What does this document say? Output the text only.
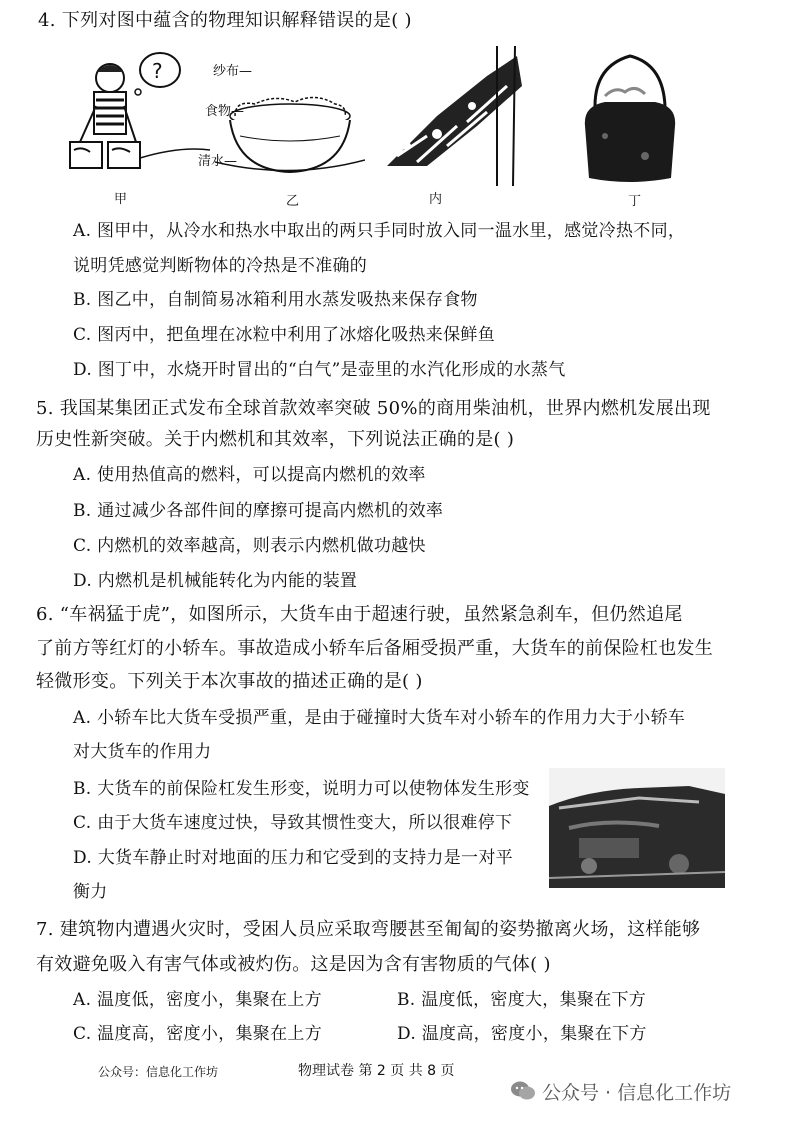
4. 下列对图中蕴含的物理知识解释错误的是( )
?
甲
纱布—
食物—
清水—
乙	内	丁
A. 图甲中，从冷水和热水中取出的两只手同时放入同一温水里，感觉冷热不同，
说明凭感觉判断物体的冷热是不准确的
B. 图乙中，自制简易冰箱利用水蒸发吸热来保存食物
C. 图丙中，把鱼埋在冰粒中利用了冰熔化吸热来保鲜鱼
D. 图丁中，水烧开时冒出的“白气”是壶里的水汽化形成的水蒸气
5. 我国某集团正式发布全球首款效率突破 50%的商用柴油机，世界内燃机发展出现
历史性新突破。关于内燃机和其效率，下列说法正确的是( )
A. 使用热值高的燃料，可以提高内燃机的效率
B. 通过减少各部件间的摩擦可提高内燃机的效率
C. 内燃机的效率越高，则表示内燃机做功越快
D. 内燃机是机械能转化为内能的装置
6. “车祸猛于虎”，如图所示，大货车由于超速行驶，虽然紧急刹车，但仍然追尾
了前方等红灯的小轿车。事故造成小轿车后备厢受损严重，大货车的前保险杠也发生
轻微形变。下列关于本次事故的描述正确的是( )
A. 小轿车比大货车受损严重，是由于碰撞时大货车对小轿车的作用力大于小轿车
对大货车的作用力
B. 大货车的前保险杠发生形变，说明力可以使物体发生形变
C. 由于大货车速度过快，导致其惯性变大，所以很难停下
D. 大货车静止时对地面的压力和它受到的支持力是一对平
衡力
7. 建筑物内遭遇火灾时，受困人员应采取弯腰甚至匍匐的姿势撤离火场，这样能够
有效避免吸入有害气体或被灼伤。这是因为含有害物质的气体( )
A. 温度低，密度小，集聚在上方	B. 温度低，密度大，集聚在下方
C. 温度高，密度小，集聚在上方	D. 温度高，密度小，集聚在下方
公众号：信息化工作坊	物理试卷 第 2 页 共 8 页
公众号 · 信息化工作坊
